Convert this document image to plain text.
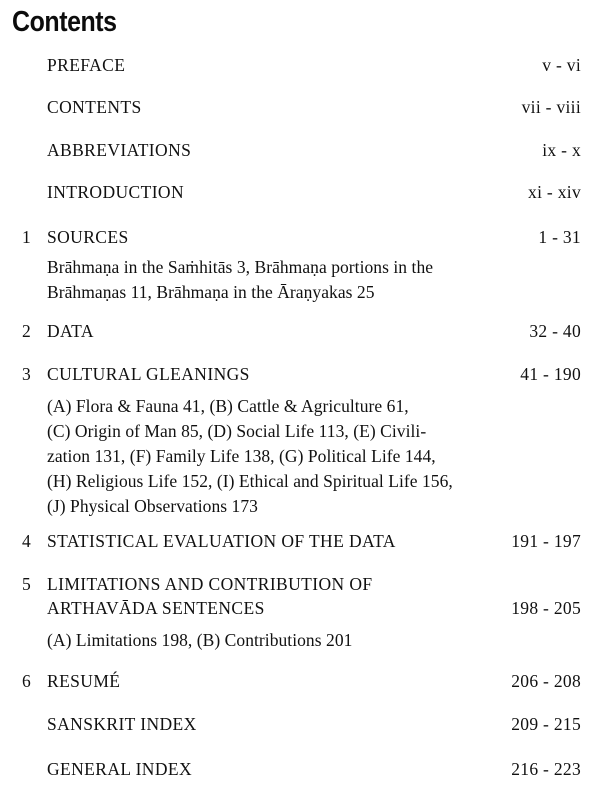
Contents
PREFACE	v - vi
CONTENTS	vii - viii
ABBREVIATIONS	ix - x
INTRODUCTION	xi - xiv
1 SOURCES	1 - 31
Brāhmaṇa in the Saṁhitās 3, Brāhmaṇa portions in the
Brāhmaṇas 11, Brāhmaṇa in the Āraṇyakas 25
2 DATA	32 - 40
3 CULTURAL GLEANINGS	41 - 190
(A) Flora & Fauna 41, (B) Cattle & Agriculture 61,
(C) Origin of Man 85, (D) Social Life 113, (E) Civili-
zation 131, (F) Family Life 138, (G) Political Life 144,
(H) Religious Life 152, (I) Ethical and Spiritual Life 156,
(J) Physical Observations 173
4 STATISTICAL EVALUATION OF THE DATA	191 - 197
5 LIMITATIONS AND CONTRIBUTION OF
ARTHAVĀDA SENTENCES	198 - 205
(A) Limitations 198, (B) Contributions 201
6 RESUMÉ	206 - 208
SANSKRIT INDEX	209 - 215
GENERAL INDEX	216 - 223
